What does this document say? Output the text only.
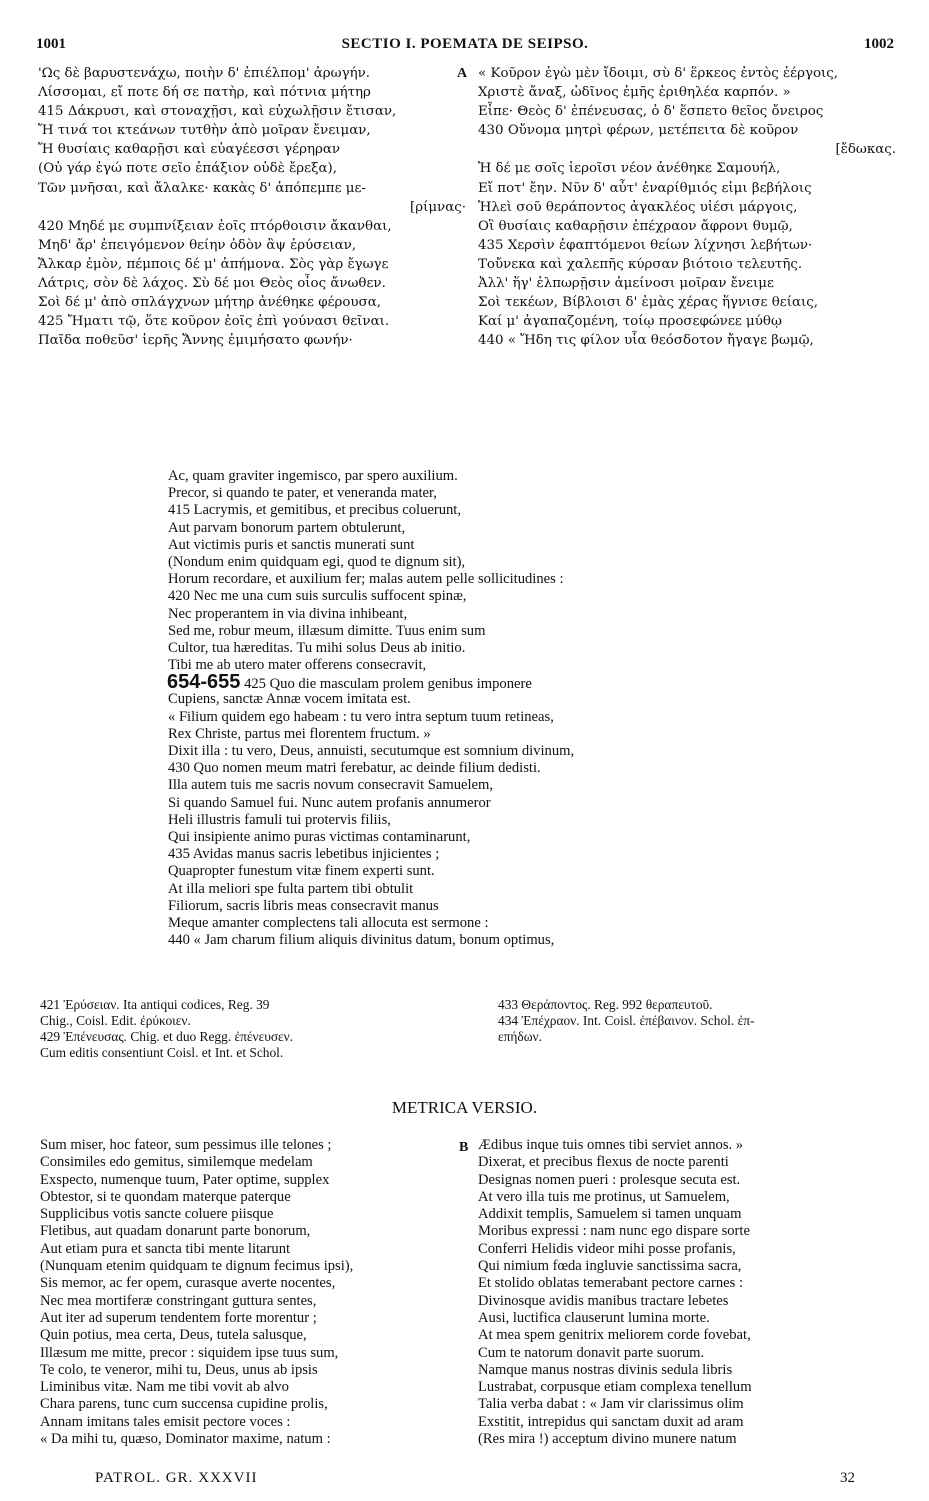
1001	SECTIO I. POEMATA DE SEIPSO.	1002
'Ως δὲ βαρυστενάχω, ποιὴν δ' ἐπιέλπομ' ἀρωγήν.
Λίσσομαι, εἴ ποτε δή σε πατὴρ, καὶ πότνια μήτηρ
415 Δάκρυσι, καὶ στοναχῇσι, καὶ εὐχωλῇσιν ἔτισαν,
Ἤ τινά τοι κτεάνων τυτθὴν ἀπὸ μοῖραν ἔνειμαν,
Ἤ θυσίαις καθαρῇσι καὶ εὐαγέεσσι γέρηραν
(Οὐ γάρ ἐγώ ποτε σεῖο ἐπάξιον οὐδὲ ἔρεξα),
Τῶν μνῆσαι, καὶ ἄλαλκε· κακὰς δ' ἀπόπεμπε με-
[ρίμνας·
420 Μηδέ με συμπνίξειαν ἑοῖς πτόρθοισιν ἄκανθαι,
Μηδ' ἄρ' ἐπειγόμενον θείην ὁδὸν ἂψ ἐρύσειαν,
Ἄλκαρ ἐμὸν, πέμποις δέ μ' ἀπήμονα. Σὸς γὰρ ἔγωγε
Λάτρις, σὸν δὲ λάχος. Σὺ δέ μοι Θεὸς οἶος ἄνωθεν.
Σοὶ δέ μ' ἀπὸ σπλάγχνων μήτηρ ἀνέθηκε φέρουσα,
425 Ἤματι τῷ, ὅτε κοῦρον ἑοῖς ἐπὶ γούνασι θεῖναι.
Παῖδα ποθεῦσ' ἱερῆς Ἄννης ἐμιμήσατο φωνήν·
A « Κοῦρον ἐγὼ μὲν ἴδοιμι, σὺ δ' ἕρκεος ἐντὸς ἐέργοις,
Χριστὲ ἄναξ, ὠδῖνος ἐμῆς ἐριθηλέα καρπόν. »
Εἶπε· Θεὸς δ' ἐπένευσας, ὁ δ' ἕσπετο θεῖος ὄνειρος
430 Οὔνομα μητρὶ φέρων, μετέπειτα δὲ κοῦρον
[ἔδωκας.
Ἡ δέ με σοῖς ἱεροῖσι νέον ἀνέθηκε Σαμουήλ,
Εἴ ποτ' ἔην. Νῦν δ' αὖτ' ἐναρίθμιός εἰμι βεβήλοις
Ἠλεὶ σοῦ θεράποντος ἀγακλέος υἱέσι μάργοις,
Οἳ θυσίαις καθαρῇσιν ἐπέχραον ἄφρονι θυμῷ,
435 Χερσὶν ἐφαπτόμενοι θείων λίχνησι λεβήτων·
Τοὔνεκα καὶ χαλεπῆς κύρσαν βιότοιο τελευτῆς.
Ἀλλ' ἥγ' ἐλπωρῇσιν ἀμείνοσι μοῖραν ἔνειμε
Σοὶ τεκέων, Βίβλοισι δ' ἐμὰς χέρας ἥγνισε θείαις,
Καί μ' ἀγαπαζομένη, τοίῳ προσεφώνεε μύθῳ
440 « Ἤδη τις φίλον υἷα θεόσδοτον ἤγαγε βωμῷ,
Ac, quam graviter ingemisco, par spero auxilium.
Precor, si quando te pater, et veneranda mater,
415 Lacrymis, et gemitibus, et precibus coluerunt,
Aut parvam bonorum partem obtulerunt,
Aut victimis puris et sanctis munerati sunt
(Nondum enim quidquam egi, quod te dignum sit),
Horum recordare, et auxilium fer; malas autem pelle sollicitudines :
420 Nec me una cum suis surculis suffocent spinæ,
Nec properantem in via divina inhibeant,
Sed me, robur meum, illæsum dimitte. Tuus enim sum
Cultor, tua hæreditas. Tu mihi solus Deus ab initio.
Tibi me ab utero mater offerens consecravit,
654-655 425 Quo die masculam prolem genibus imponere
Cupiens, sanctæ Annæ vocem imitata est.
« Filium quidem ego habeam : tu vero intra septum tuum retineas,
Rex Christe, partus mei florentem fructum. »
Dixit illa : tu vero, Deus, annuisti, secutumque est somnium divinum,
430 Quo nomen meum matri ferebatur, ac deinde filium dedisti.
Illa autem tuis me sacris novum consecravit Samuelem,
Si quando Samuel fui. Nunc autem profanis annumeror
Heli illustris famuli tui protervis filiis,
Qui insipiente animo puras victimas contaminarunt,
435 Avidas manus sacris lebetibus injicientes ;
Quapropter funestum vitæ finem experti sunt.
At illa meliori spe fulta partem tibi obtulit
Filiorum, sacris libris meas consecravit manus
Meque amanter complectens tali allocuta est sermone :
440 « Jam charum filium aliquis divinitus datum, bonum optimus,
421 Ἐρύσειαν. Ita antiqui codices, Reg. 39
Chig., Coisl. Edit. ἐρύκοιεν.
429 Ἐπένευσας. Chig. et duo Regg. ἐπένευσεν.
Cum editis consentiunt Coisl. et Int. et Schol.
433 Θεράποντος. Reg. 992 θεραπευτοῦ.
434 Ἐπέχραον. Int. Coisl. ἐπέβαινον. Schol. ἐπ-
επήδων.
METRICA VERSIO.
Sum miser, hoc fateor, sum pessimus ille telones ;
Consimiles edo gemitus, similemque medelam
Exspecto, numenque tuum, Pater optime, supplex
Obtestor, si te quondam materque paterque
Supplicibus votis sancte coluere piisque
Fletibus, aut quadam donarunt parte bonorum,
Aut etiam pura et sancta tibi mente litarunt
(Nunquam etenim quidquam te dignum fecimus ipsi),
Sis memor, ac fer opem, curasque averte nocentes,
Nec mea mortiferæ constringant guttura sentes,
Aut iter ad superum tendentem forte morentur ;
Quin potius, mea certa, Deus, tutela salusque,
Illæsum me mitte, precor : siquidem ipse tuus sum,
Te colo, te veneror, mihi tu, Deus, unus ab ipsis
Liminibus vitæ. Nam me tibi vovit ab alvo
Chara parens, tunc cum succensa cupidine prolis,
Annam imitans tales emisit pectore voces :
« Da mihi tu, quæso, Dominator maxime, natum :
B Ædibus inque tuis omnes tibi serviet annos. »
Dixerat, et precibus flexus de nocte parenti
Designas nomen pueri : prolesque secuta est.
At vero illa tuis me protinus, ut Samuelem,
Addixit templis, Samuelem si tamen unquam
Moribus expressi : nam nunc ego dispare sorte
Conferri Helidis videor mihi posse profanis,
Qui nimium fœda ingluvie sanctissima sacra,
Et stolido oblatas temerabant pectore carnes :
Divinosque avidis manibus tractare lebetes
Ausi, luctifica clauserunt lumina morte.
At mea spem genitrix meliorem corde fovebat,
Cum te natorum donavit parte suorum.
Namque manus nostras divinis sedula libris
Lustrabat, corpusque etiam complexa tenellum
Talia verba dabat : « Jam vir clarissimus olim
Exstitit, intrepidus qui sanctam duxit ad aram
(Res mira !) acceptum divino munere natum
PATROL. GR. XXXVII	32
